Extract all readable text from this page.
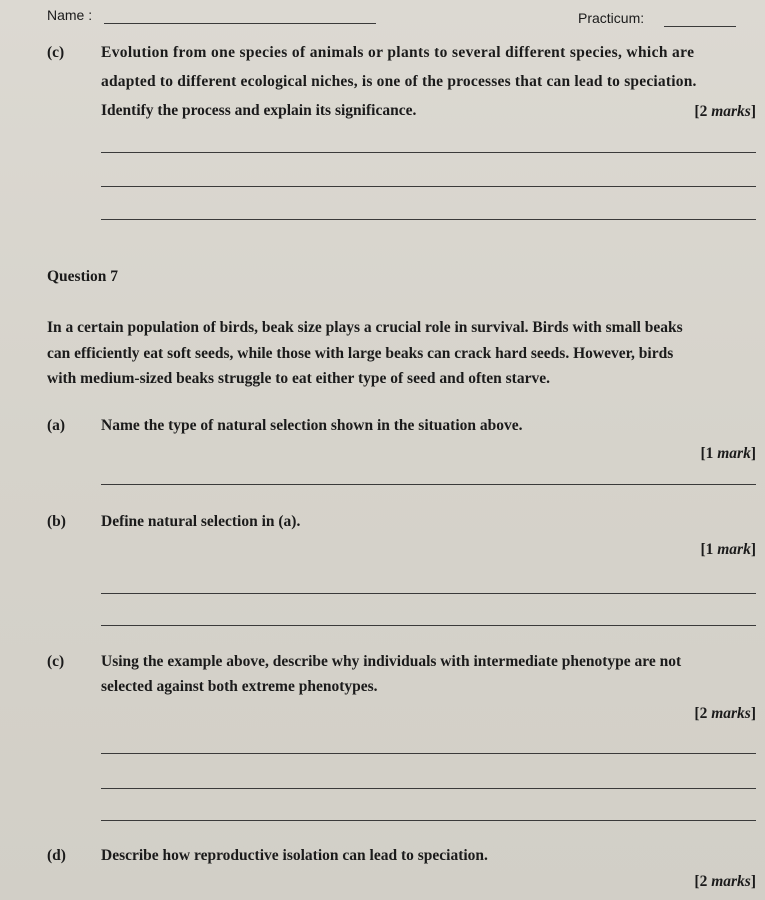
Name :	Practicum:
(c) Evolution from one species of animals or plants to several different species, which are
adapted to different ecological niches, is one of the processes that can lead to speciation.
Identify the process and explain its significance.	[2 marks]
Question 7
In a certain population of birds, beak size plays a crucial role in survival. Birds with small beaks
can efficiently eat soft seeds, while those with large beaks can crack hard seeds. However, birds
with medium-sized beaks struggle to eat either type of seed and often starve.
(a) Name the type of natural selection shown in the situation above.
[1 mark]
(b) Define natural selection in (a).
[1 mark]
(c) Using the example above, describe why individuals with intermediate phenotype are not
selected against both extreme phenotypes.
[2 marks]
(d) Describe how reproductive isolation can lead to speciation.
[2 marks]
